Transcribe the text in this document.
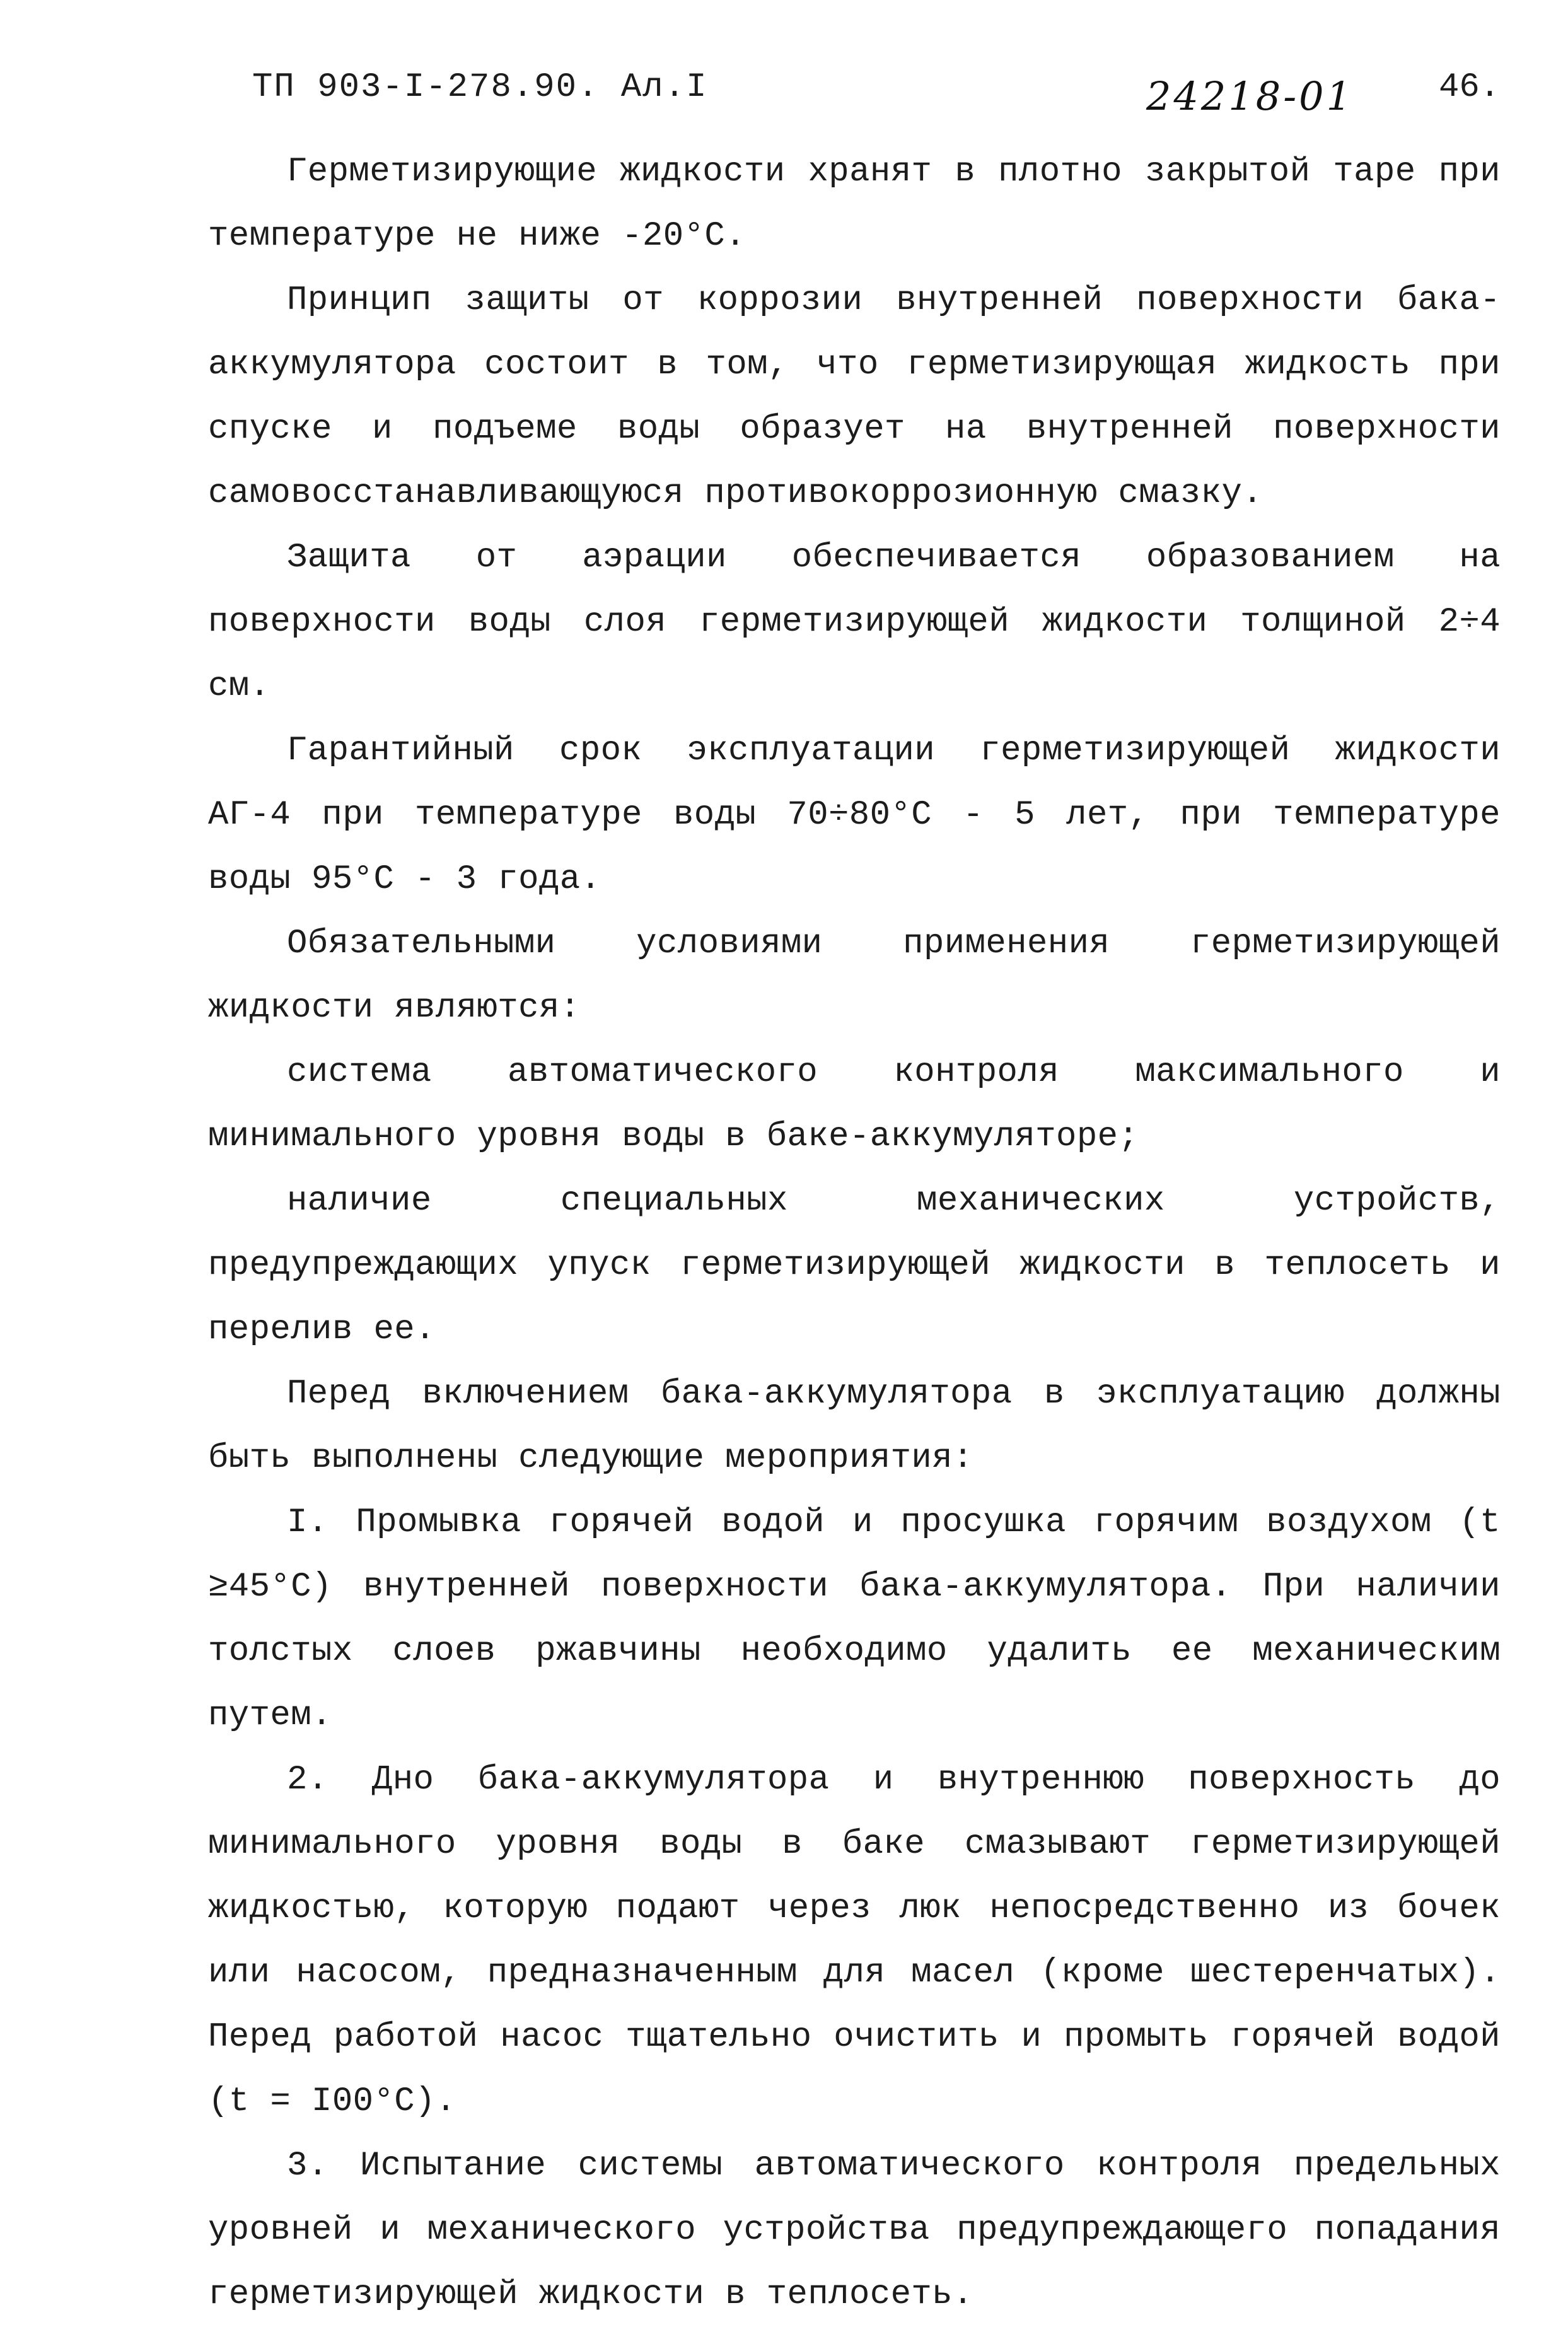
ТП 903-I-278.90. Ал.I	24218-01 46.

Герметизирующие жидкости хранят в плотно закрытой таре при температуре не ниже -20°С.

Принцип защиты от коррозии внутренней поверхности бака-аккумулятора состоит в том, что герметизирующая жидкость при спуске и подъеме воды образует на внутренней поверхности самовосстанавливающуюся противокоррозионную смазку.

Защита от аэрации обеспечивается образованием на поверхности воды слоя герметизирующей жидкости толщиной 2÷4 см.

Гарантийный срок эксплуатации герметизирующей жидкости АГ-4 при температуре воды 70÷80°С - 5 лет, при температуре воды 95°С - 3 года.

Обязательными условиями применения герметизирующей жидкости являются:

система автоматического контроля максимального и минимального уровня воды в баке-аккумуляторе;

наличие специальных механических устройств, предупреждающих упуск герметизирующей жидкости в теплосеть и перелив ее.

Перед включением бака-аккумулятора в эксплуатацию должны быть выполнены следующие мероприятия:

I. Промывка горячей водой и просушка горячим воздухом (t ≥45°С) внутренней поверхности бака-аккумулятора. При наличии толстых слоев ржавчины необходимо удалить ее механическим путем.

2. Дно бака-аккумулятора и внутреннюю поверхность до минимального уровня воды в баке смазывают герметизирующей жидкостью, которую подают через люк непосредственно из бочек или насосом, предназначенным для масел (кроме шестеренчатых). Перед работой насос тщательно очистить и промыть горячей водой (t = I00°С).

3. Испытание системы автоматического контроля предельных уровней и механического устройства предупреждающего попадания герметизирующей жидкости в теплосеть.
